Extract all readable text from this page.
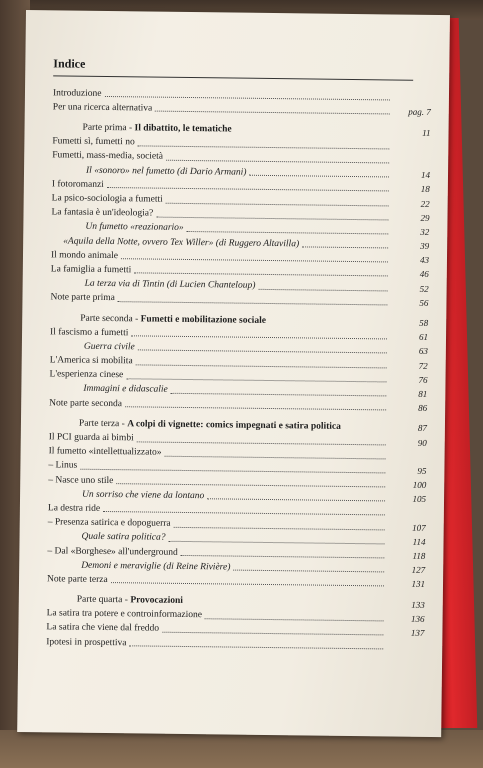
Indice
Introduzione
Per una ricerca alternativa	pag. 7
Parte prima - Il dibattito, le tematiche	11
Fumetti sì, fumetti no
Fumetti, mass-media, società
Il «sonoro» nel fumetto (di Dario Armani)	14
I fotoromanzi	18
La psico-sociologia a fumetti	22
La fantasia è un'ideologia?	29
Un fumetto «reazionario»	32
«Aquila della Notte, ovvero Tex Willer» (di Ruggero Altavilla)	39
Il mondo animale	43
La famiglia a fumetti	46
La terza via di Tintin (di Lucien Chanteloup)	52
Note parte prima	56
Parte seconda - Fumetti e mobilitazione sociale	58
Il fascismo a fumetti	61
Guerra civile	63
L'America si mobilita	72
L'esperienza cinese	76
Immagini e didascalie	81
Note parte seconda	86
Parte terza - A colpi di vignette: comics impegnati e satira politica	87
Il PCI guarda ai bimbi	90
Il fumetto «intellettualizzato»
– Linus	95
– Nasce uno stile	100
Un sorriso che viene da lontano	105
La destra ride
– Presenza satirica e dopoguerra	107
Quale satira politica?	114
– Dal «Borghese» all'underground	118
Demoni e meraviglie (di Reine Rivière)	127
Note parte terza	131
Parte quarta - Provocazioni	133
La satira tra potere e controinformazione	136
La satira che viene dal freddo	137
Ipotesi in prospettiva
